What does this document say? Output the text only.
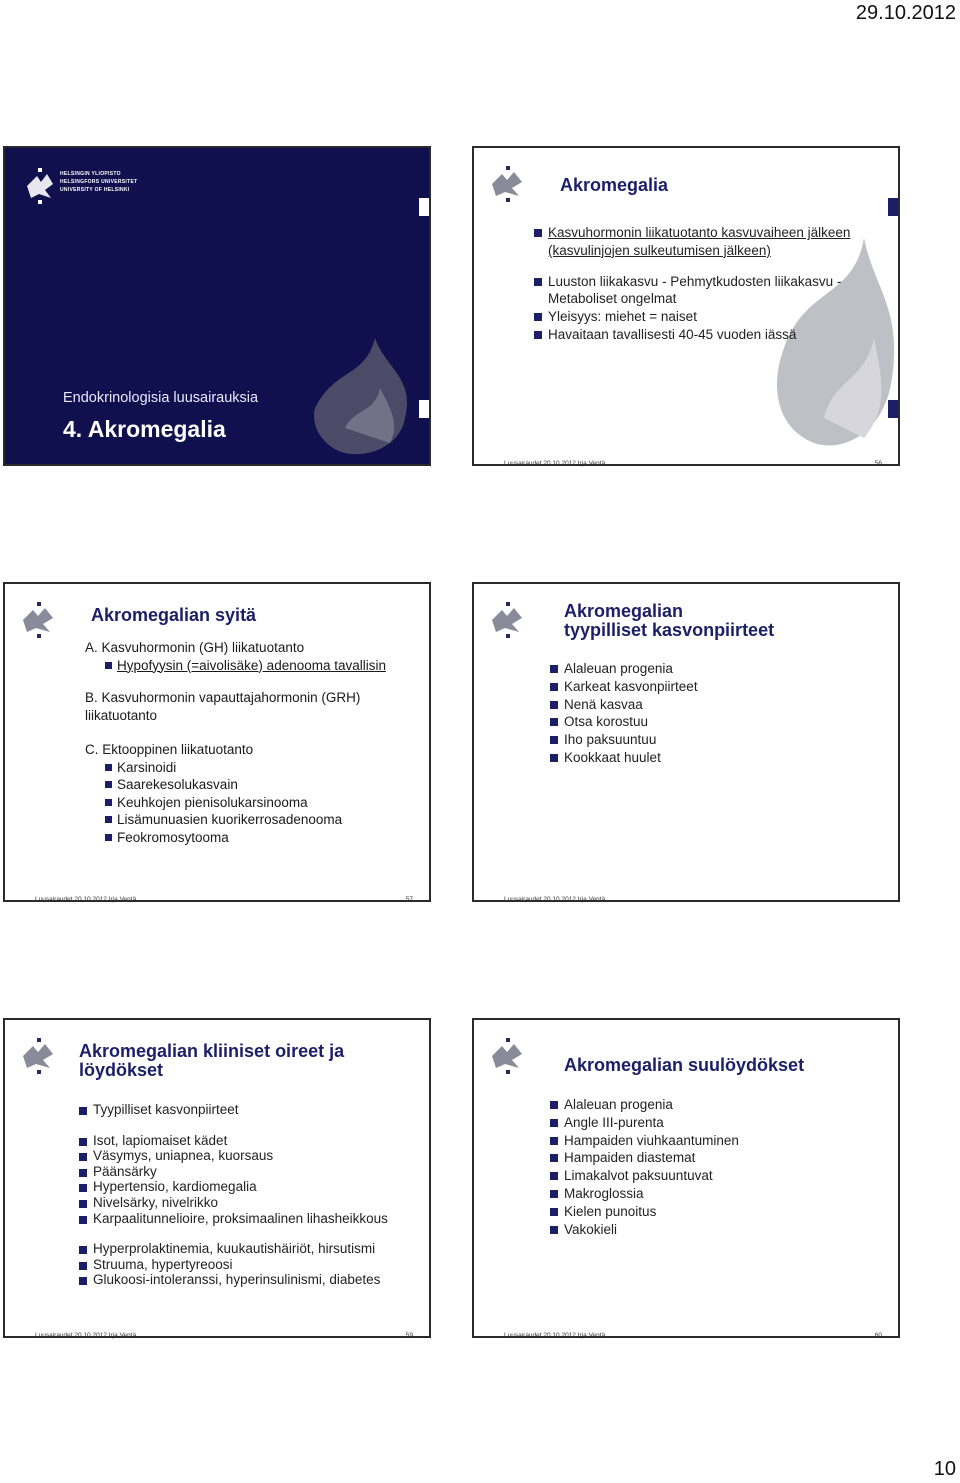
29.10.2012
HELSINGIN YLIOPISTO
HELSINGFORS UNIVERSITET
UNIVERSITY OF HELSINKI
Endokrinologisia luusairauksia
4. Akromegalia
ICD10 = E22.0
Akromegalia
Kasvuhormonin liikatuotanto kasvuvaiheen jälkeen (kasvulinjojen sulkeutumisen jälkeen)
Luuston liikakasvu - Pehmytkudosten liikakasvu - Metaboliset ongelmat
Yleisyys: miehet = naiset
Havaitaan tavallisesti 40-45 vuoden iässä
Luusairaudet 20.10.2012 Irja Ventä	56
Akromegalian syitä
A. Kasvuhormonin (GH) liikatuotanto
Hypofyysin (=aivolisäke) adenooma tavallisin
B. Kasvuhormonin vapauttajahormonin (GRH) liikatuotanto
C. Ektooppinen liikatuotanto
Karsinoidi
Saarekesolukasvain
Keuhkojen pienisolukarsinooma
Lisämunuasien kuorikerrosadenooma
Feokromosytooma
Luusairaudet 20.10.2012 Irja Ventä	57
Akromegalian
tyypilliset kasvonpiirteet
Alaleuan progenia
Karkeat kasvonpiirteet
Nenä kasvaa
Otsa korostuu
Iho paksuuntuu
Kookkaat huulet
Luusairaudet 20.10.2012 Irja Ventä
Akromegalian kliiniset oireet ja
löydökset
Tyypilliset kasvonpiirteet
Isot, lapiomaiset kädet
Väsymys, uniapnea, kuorsaus
Päänsärky
Hypertensio, kardiomegalia
Nivelsärky, nivelrikko
Karpaalitunnelioire, proksimaalinen lihasheikkous
Hyperprolaktinemia, kuukautishäiriöt, hirsutismi
Struuma, hypertyreoosi
Glukoosi-intoleranssi, hyperinsulinismi, diabetes
Luusairaudet 20.10.2012 Irja Ventä	59
Akromegalian suulöydökset
Alaleuan progenia
Angle III-purenta
Hampaiden viuhkaantuminen
Hampaiden diastemat
Limakalvot paksuuntuvat
Makroglossia
Kielen punoitus
Vakokieli
Luusairaudet 20.10.2012 Irja Ventä	60
10
